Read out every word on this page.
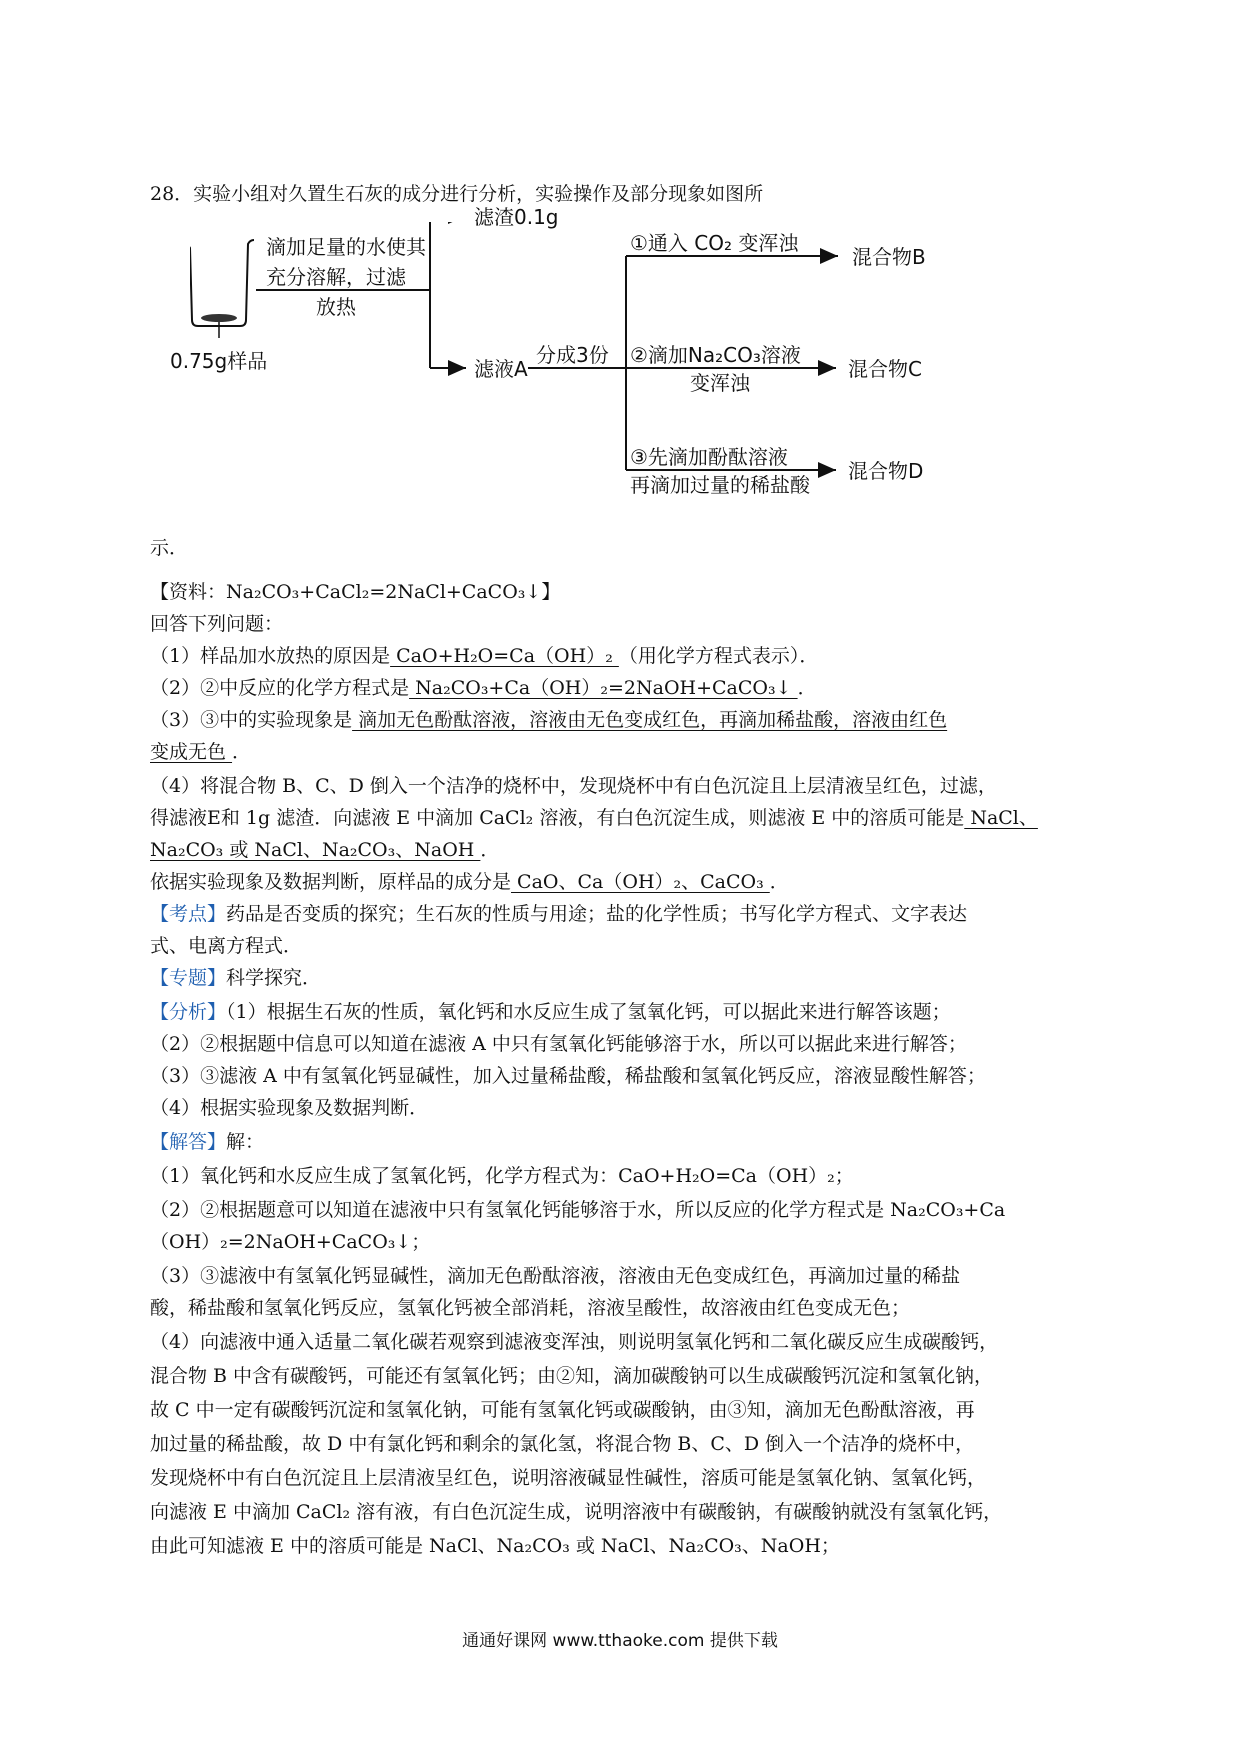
28．实验小组对久置生石灰的成分进行分析，实验操作及部分现象如图所
0.75g样品
滴加足量的水使其
充分溶解，过滤
放热
滤渣0.1g
滤液A
分成3份
①通入 CO₂ 变浑浊
②滴加Na₂CO₃溶液
变浑浊
③先滴加酚酞溶液
再滴加过量的稀盐酸
混合物B
混合物C
混合物D
示．
【资料：Na₂CO₃+CaCl₂=2NaCl+CaCO₃↓】
回答下列问题：
（1）样品加水放热的原因是 CaO+H₂O=Ca（OH）₂ （用化学方程式表示）．
（2）②中反应的化学方程式是 Na₂CO₃+Ca（OH）₂=2NaOH+CaCO₃↓ ．
（3）③中的实验现象是 滴加无色酚酞溶液，溶液由无色变成红色，再滴加稀盐酸，溶液由红色
变成无色 ．
（4）将混合物 B、C、D 倒入一个洁净的烧杯中，发现烧杯中有白色沉淀且上层清液呈红色，过滤，
得滤液E和 1g 滤渣．向滤液 E 中滴加 CaCl₂ 溶液，有白色沉淀生成，则滤液 E 中的溶质可能是 NaCl、
Na₂CO₃ 或 NaCl、Na₂CO₃、NaOH ．
依据实验现象及数据判断，原样品的成分是 CaO、Ca（OH）₂、CaCO₃ ．
【考点】药品是否变质的探究；生石灰的性质与用途；盐的化学性质；书写化学方程式、文字表达
式、电离方程式．
【专题】科学探究．
【分析】（1）根据生石灰的性质，氧化钙和水反应生成了氢氧化钙，可以据此来进行解答该题；
（2）②根据题中信息可以知道在滤液 A 中只有氢氧化钙能够溶于水，所以可以据此来进行解答；
（3）③滤液 A 中有氢氧化钙显碱性，加入过量稀盐酸，稀盐酸和氢氧化钙反应，溶液显酸性解答；
（4）根据实验现象及数据判断．
【解答】解：
（1）氧化钙和水反应生成了氢氧化钙，化学方程式为：CaO+H₂O=Ca（OH）₂；
（2）②根据题意可以知道在滤液中只有氢氧化钙能够溶于水，所以反应的化学方程式是 Na₂CO₃+Ca
（OH）₂=2NaOH+CaCO₃↓；
（3）③滤液中有氢氧化钙显碱性，滴加无色酚酞溶液，溶液由无色变成红色，再滴加过量的稀盐
酸，稀盐酸和氢氧化钙反应，氢氧化钙被全部消耗，溶液呈酸性，故溶液由红色变成无色；
（4）向滤液中通入适量二氧化碳若观察到滤液变浑浊，则说明氢氧化钙和二氧化碳反应生成碳酸钙，
混合物 B 中含有碳酸钙，可能还有氢氧化钙；由②知，滴加碳酸钠可以生成碳酸钙沉淀和氢氧化钠，
故 C 中一定有碳酸钙沉淀和氢氧化钠，可能有氢氧化钙或碳酸钠，由③知，滴加无色酚酞溶液，再
加过量的稀盐酸，故 D 中有氯化钙和剩余的氯化氢，将混合物 B、C、D 倒入一个洁净的烧杯中，
发现烧杯中有白色沉淀且上层清液呈红色，说明溶液碱显性碱性，溶质可能是氢氧化钠、氢氧化钙，
向滤液 E 中滴加 CaCl₂ 溶有液，有白色沉淀生成，说明溶液中有碳酸钠，有碳酸钠就没有氢氧化钙，
由此可知滤液 E 中的溶质可能是 NaCl、Na₂CO₃ 或 NaCl、Na₂CO₃、NaOH；
通通好课网 www.tthaoke.com 提供下载
